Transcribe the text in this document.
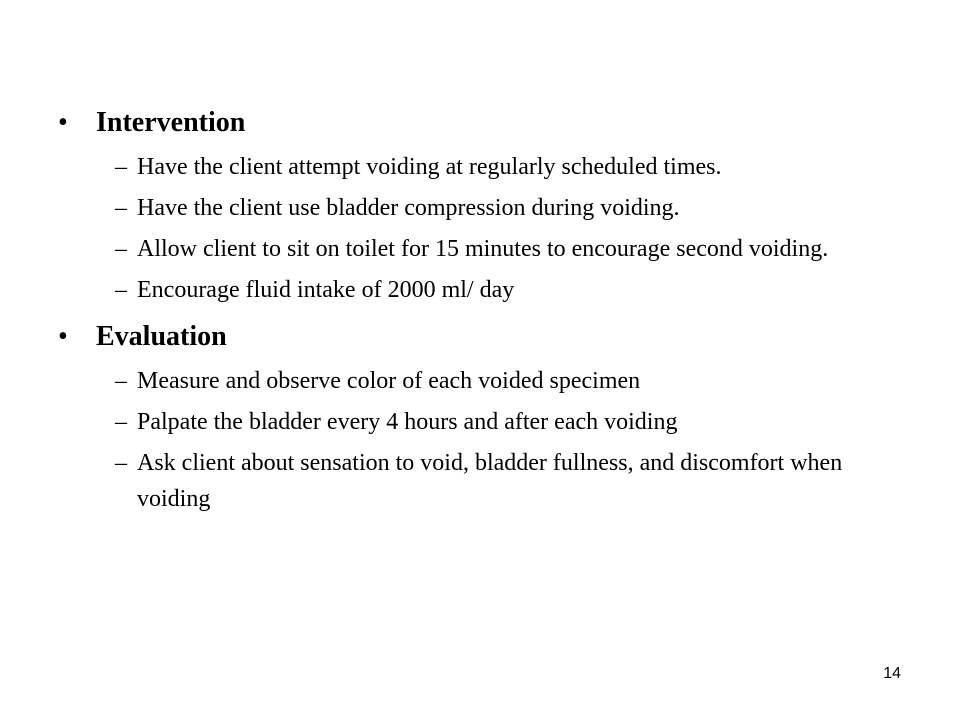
•	Intervention
– Have the client attempt voiding at regularly scheduled times.
– Have the client use bladder compression during voiding.
– Allow client to sit on toilet for 15 minutes to encourage second voiding.
– Encourage fluid intake of 2000 ml/ day
•	Evaluation
– Measure and observe color of each voided specimen
– Palpate the bladder every 4 hours and after each voiding
– Ask client about sensation to void, bladder fullness, and discomfort when voiding
14
